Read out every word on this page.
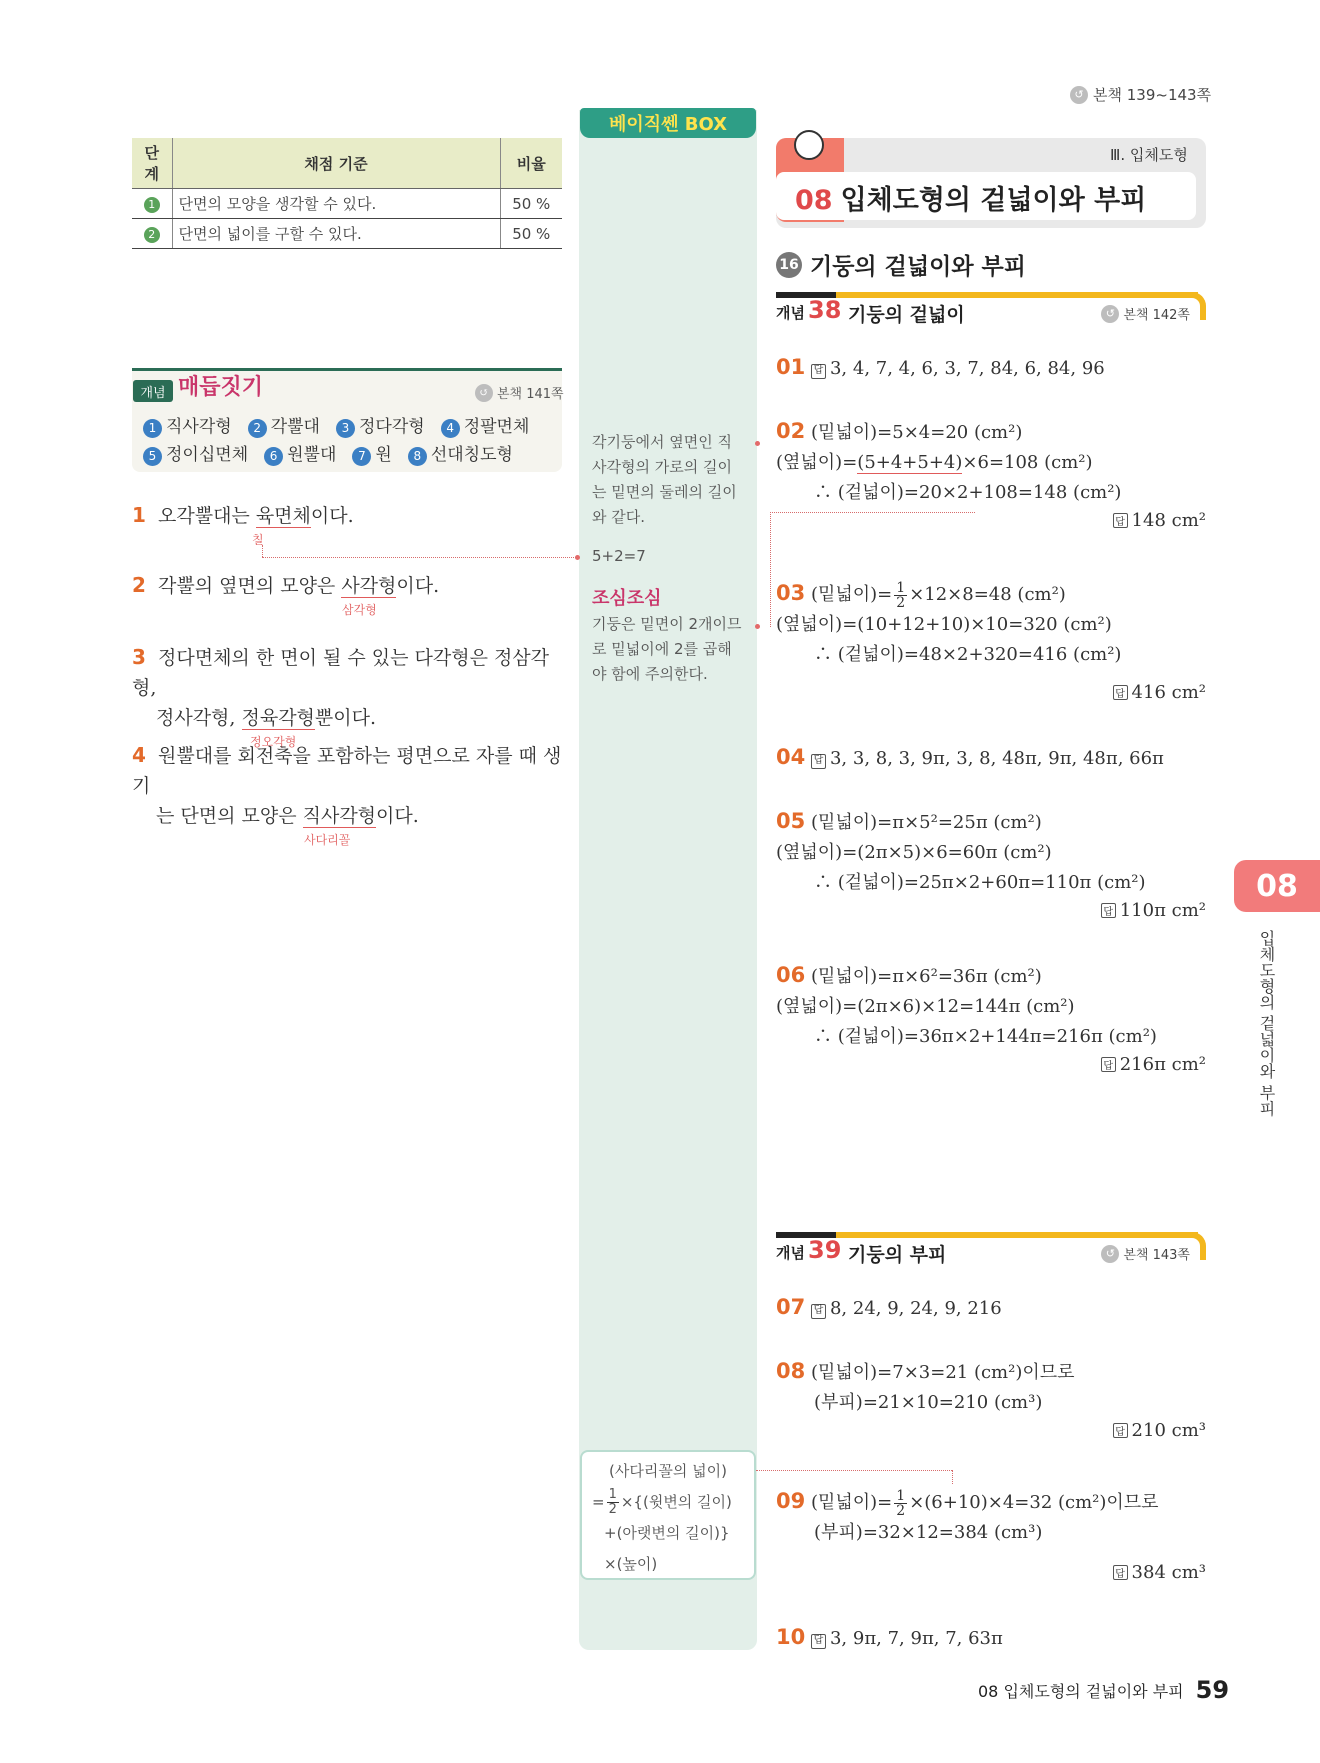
↺ 본책 139~143쪽
단계	채점 기준	비율
1	단면의 모양을 생각할 수 있다.	50 %
2	단면의 넓이를 구할 수 있다.	50 %
개념 매듭짓기	↺ 본책 141쪽
1 직사각형	2 각뿔대	3 정다각형	4 정팔면체
5 정이십면체	6 원뿔대	7 원	8 선대칭도형
1 오각뿔대는 육면체이다.
칠
2 각뿔의 옆면의 모양은 사각형이다.
삼각형
3 정다면체의 한 면이 될 수 있는 다각형은 정삼각형,
정사각형, 정육각형뿐이다.
정오각형
4 원뿔대를 회전축을 포함하는 평면으로 자를 때 생기
는 단면의 모양은 직사각형이다.
사다리꼴
베이직쎈 BOX
각기둥에서 옆면인 직
사각형의 가로의 길이
는 밑면의 둘레의 길이
와 같다.
5+2=7
조심조심
기둥은 밑면이 2개이므
로 밑넓이에 2를 곱해
야 함에 주의한다.
(사다리꼴의 넓이)
= $\frac{1}{2}$ ×{(윗변의 길이)
+(아랫변의 길이)}
×(높이)
Ⅲ. 입체도형
08 입체도형의 겉넓이와 부피
16 기둥의 겉넓이와 부피
개념 38 기둥의 겉넓이	↺ 본책 142쪽
01 답 3, 4, 7, 4, 6, 3, 7, 84, 6, 84, 96
02 (밑넓이)=5×4=20 (cm²)
(옆넓이)=(5+4+5+4)×6=108 (cm²)
∴ (겉넓이)=20×2+108=148 (cm²)
답 148 cm²
03 (밑넓이)= $\frac{1}{2} \times 12\times 8=48$ (cm²)
(옆넓이)=(10+12+10)×10=320 (cm²)
∴ (겉넓이)=48×2+320=416 (cm²)
답 416 cm²
04 답 3, 3, 8, 3, 9π, 3, 8, 48π, 9π, 48π, 66π
05 (밑넓이)=π×5²=25π (cm²)
(옆넓이)=(2π×5)×6=60π (cm²)
∴ (겉넓이)=25π×2+60π=110π (cm²)
답 110π cm²
06 (밑넓이)=π×6²=36π (cm²)
(옆넓이)=(2π×6)×12=144π (cm²)
∴ (겉넓이)=36π×2+144π=216π (cm²)
답 216π cm²
개념 39 기둥의 부피	↺ 본책 143쪽
07 답 8, 24, 9, 24, 9, 216
08 (밑넓이)=7×3=21 (cm²)이므로
(부피)=21×10=210 (cm³)
답 210 cm³
09 (밑넓이)= $\frac{1}{2} \times(6+10)\times 4=32$ (cm²)이므로
(부피)=32×12=384 (cm³)
답 384 cm³
10 답 3, 9π, 7, 9π, 7, 63π
08
입체도형의 겉넓이와 부피
08 입체도형의 겉넓이와 부피 59
